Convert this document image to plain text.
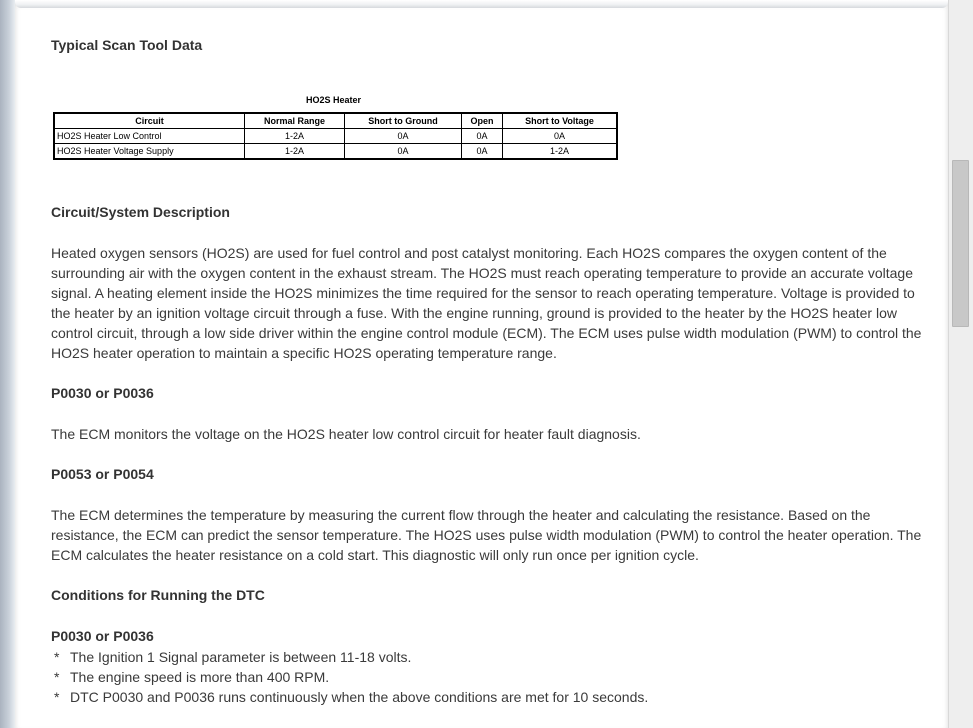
Typical Scan Tool Data
HO2S Heater
Circuit	Normal Range	Short to Ground	Open	Short to Voltage
HO2S Heater Low Control	1-2A	0A	0A	0A
HO2S Heater Voltage Supply	1-2A	0A	0A	1-2A
Circuit/System Description
Heated oxygen sensors (HO2S) are used for fuel control and post catalyst monitoring. Each HO2S compares the oxygen content of the surrounding air with the oxygen content in the exhaust stream. The HO2S must reach operating temperature to provide an accurate voltage signal. A heating element inside the HO2S minimizes the time required for the sensor to reach operating temperature. Voltage is provided to the heater by an ignition voltage circuit through a fuse. With the engine running, ground is provided to the heater by the HO2S heater low control circuit, through a low side driver within the engine control module (ECM). The ECM uses pulse width modulation (PWM) to control the HO2S heater operation to maintain a specific HO2S operating temperature range.
P0030 or P0036
The ECM monitors the voltage on the HO2S heater low control circuit for heater fault diagnosis.
P0053 or P0054
The ECM determines the temperature by measuring the current flow through the heater and calculating the resistance. Based on the resistance, the ECM can predict the sensor temperature. The HO2S uses pulse width modulation (PWM) to control the heater operation. The ECM calculates the heater resistance on a cold start. This diagnostic will only run once per ignition cycle.
Conditions for Running the DTC
P0030 or P0036
* The Ignition 1 Signal parameter is between 11-18 volts.
* The engine speed is more than 400 RPM.
* DTC P0030 and P0036 runs continuously when the above conditions are met for 10 seconds.
